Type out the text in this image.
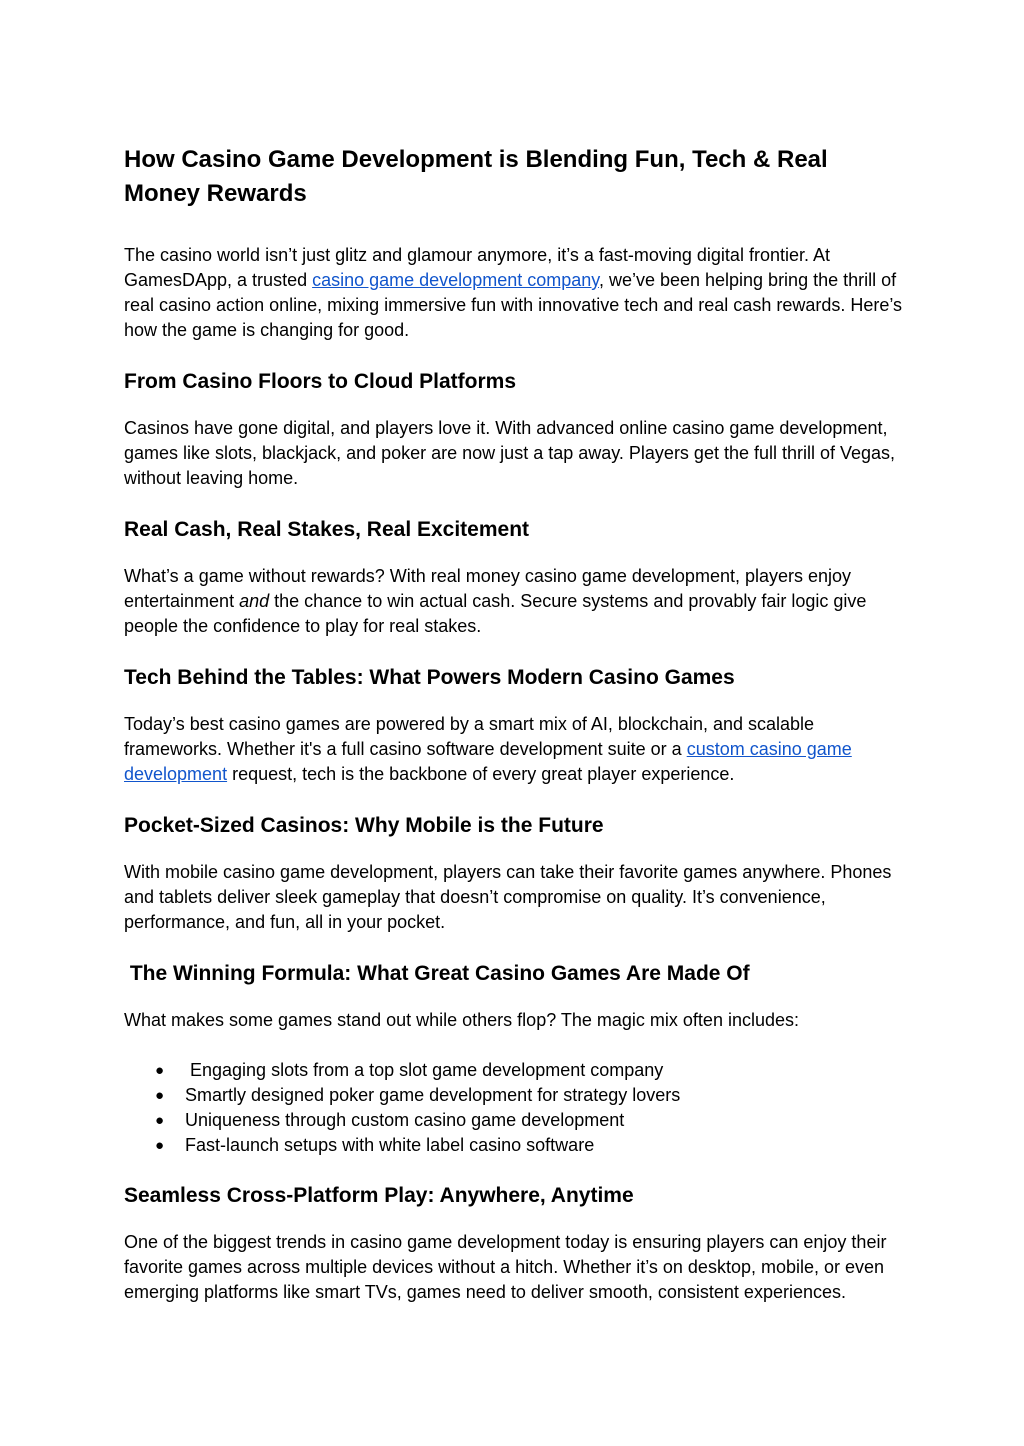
How Casino Game Development is Blending Fun, Tech & Real Money Rewards

The casino world isn’t just glitz and glamour anymore, it’s a fast-moving digital frontier. At GamesDApp, a trusted casino game development company, we’ve been helping bring the thrill of real casino action online, mixing immersive fun with innovative tech and real cash rewards. Here’s how the game is changing for good.

From Casino Floors to Cloud Platforms

Casinos have gone digital, and players love it. With advanced online casino game development, games like slots, blackjack, and poker are now just a tap away. Players get the full thrill of Vegas, without leaving home.

Real Cash, Real Stakes, Real Excitement

What’s a game without rewards? With real money casino game development, players enjoy entertainment and the chance to win actual cash. Secure systems and provably fair logic give people the confidence to play for real stakes.

Tech Behind the Tables: What Powers Modern Casino Games

Today’s best casino games are powered by a smart mix of AI, blockchain, and scalable frameworks. Whether it's a full casino software development suite or a custom casino game development request, tech is the backbone of every great player experience.

Pocket-Sized Casinos: Why Mobile is the Future

With mobile casino game development, players can take their favorite games anywhere. Phones and tablets deliver sleek gameplay that doesn’t compromise on quality. It’s convenience, performance, and fun, all in your pocket.

The Winning Formula: What Great Casino Games Are Made Of

What makes some games stand out while others flop? The magic mix often includes:

● Engaging slots from a top slot game development company
● Smartly designed poker game development for strategy lovers
● Uniqueness through custom casino game development
● Fast-launch setups with white label casino software
Seamless Cross-Platform Play: Anywhere, Anytime

One of the biggest trends in casino game development today is ensuring players can enjoy their favorite games across multiple devices without a hitch. Whether it’s on desktop, mobile, or even emerging platforms like smart TVs, games need to deliver smooth, consistent experiences.
